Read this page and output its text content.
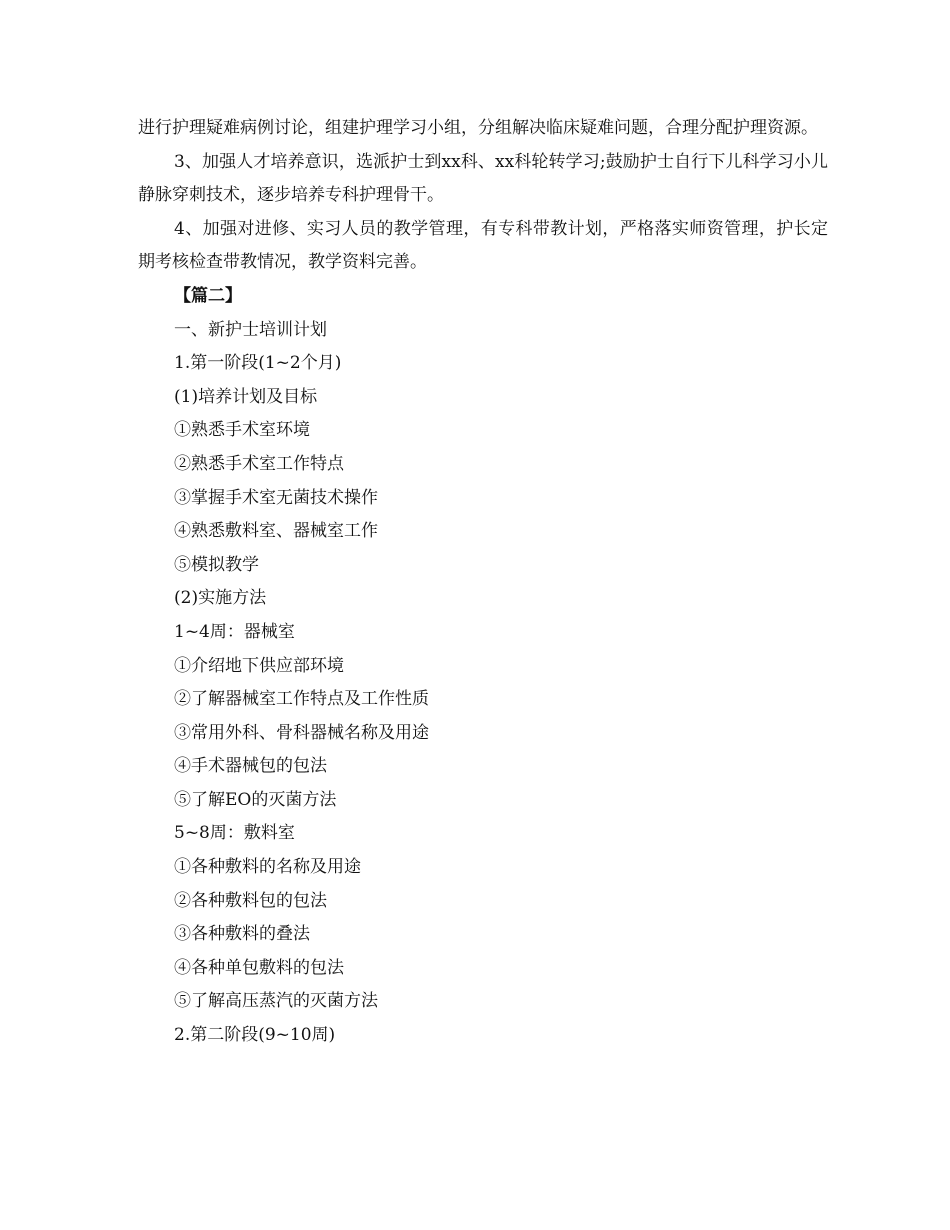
进行护理疑难病例讨论，组建护理学习小组，分组解决临床疑难问题，合理分配护理资源。

3、加强人才培养意识，选派护士到xx科、xx科轮转学习;鼓励护士自行下儿科学习小儿静脉穿刺技术，逐步培养专科护理骨干。

4、加强对进修、实习人员的教学管理，有专科带教计划，严格落实师资管理，护长定期考核检查带教情况，教学资料完善。

【篇二】

一、新护士培训计划

1.第一阶段(1~2个月)

(1)培养计划及目标

①熟悉手术室环境

②熟悉手术室工作特点

③掌握手术室无菌技术操作

④熟悉敷料室、器械室工作

⑤模拟教学

(2)实施方法

1~4周：器械室

①介绍地下供应部环境

②了解器械室工作特点及工作性质

③常用外科、骨科器械名称及用途

④手术器械包的包法

⑤了解EO的灭菌方法

5~8周：敷料室

①各种敷料的名称及用途

②各种敷料包的包法

③各种敷料的叠法

④各种单包敷料的包法

⑤了解高压蒸汽的灭菌方法

2.第二阶段(9~10周)
